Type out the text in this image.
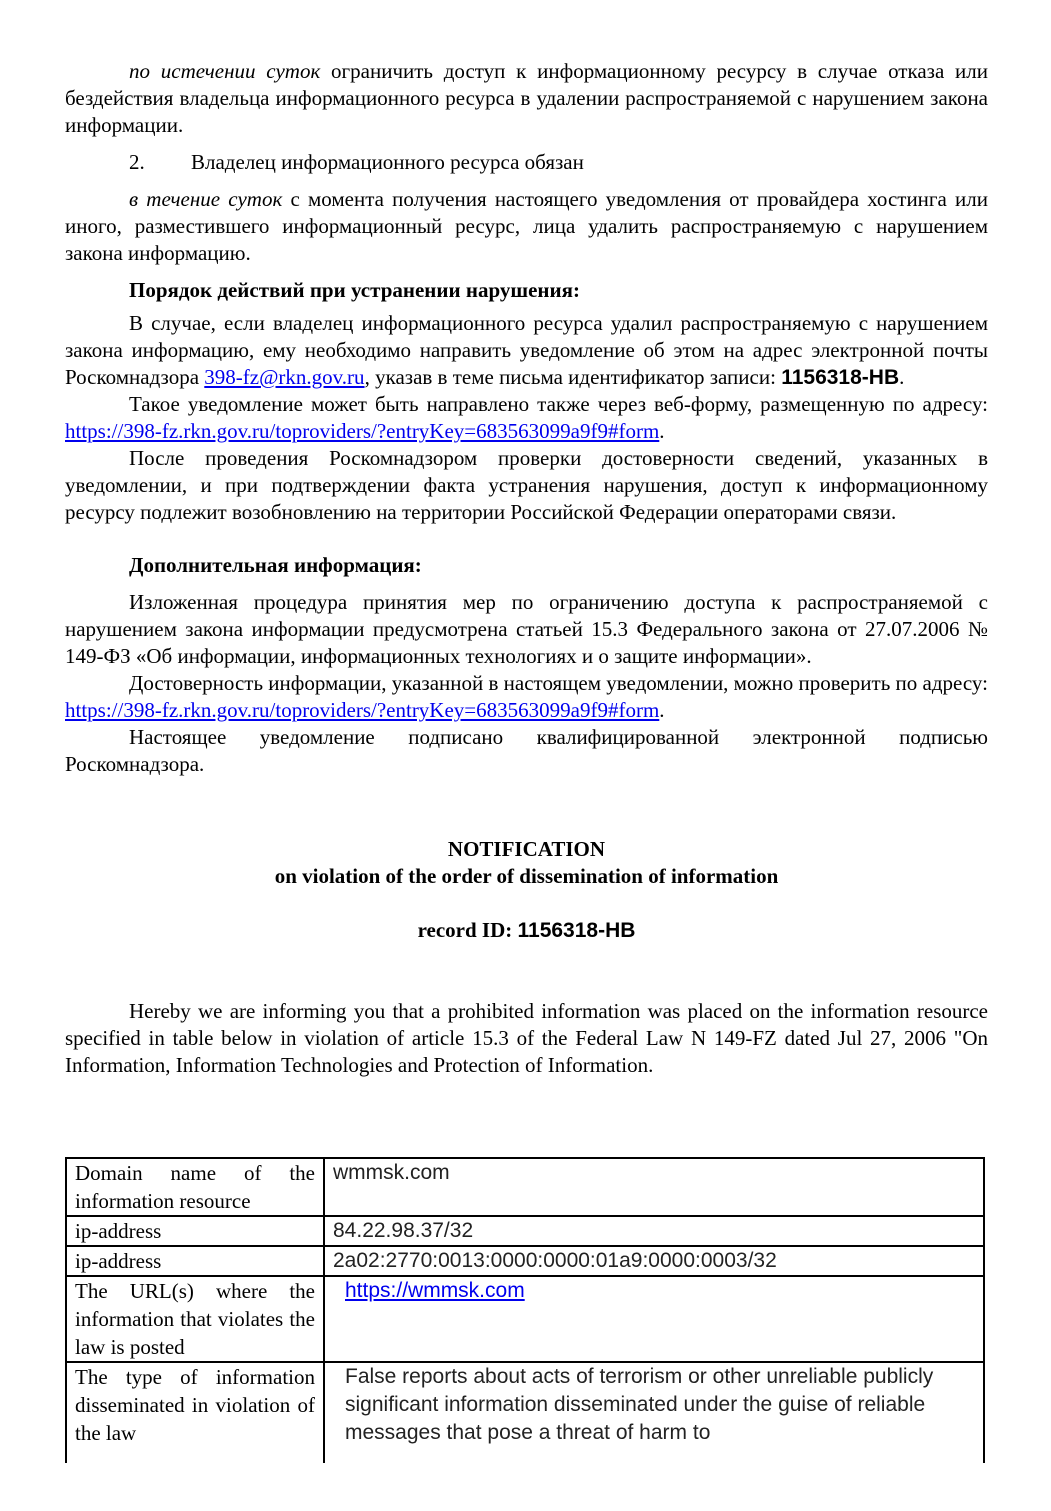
по истечении суток ограничить доступ к информационному ресурсу в случае отказа или бездействия владельца информационного ресурса в удалении распространяемой с нарушением закона информации.

2.	Владелец информационного ресурса обязан

в течение суток с момента получения настоящего уведомления от провайдера хостинга или иного, разместившего информационный ресурс, лица удалить распространяемую с нарушением закона информацию.

Порядок действий при устранении нарушения:

В случае, если владелец информационного ресурса удалил распространяемую с нарушением закона информацию, ему необходимо направить уведомление об этом на адрес электронной почты Роскомнадзора 398-fz@rkn.gov.ru, указав в теме письма идентификатор записи: 1156318-НВ.

Такое уведомление может быть направлено также через веб-форму, размещенную по адресу: https://398-fz.rkn.gov.ru/toproviders/?entryKey=683563099a9f9#form.

После проведения Роскомнадзором проверки достоверности сведений, указанных в уведомлении, и при подтверждении факта устранения нарушения, доступ к информационному ресурсу подлежит возобновлению на территории Российской Федерации операторами связи.

Дополнительная информация:

Изложенная процедура принятия мер по ограничению доступа к распространяемой с нарушением закона информации предусмотрена статьей 15.3 Федерального закона от 27.07.2006 № 149-ФЗ «Об информации, информационных технологиях и о защите информации».

Достоверность информации, указанной в настоящем уведомлении, можно проверить по адресу: https://398-fz.rkn.gov.ru/toproviders/?entryKey=683563099a9f9#form.

Настоящее уведомление подписано квалифицированной электронной подписью Роскомнадзора.

NOTIFICATION
on violation of the order of dissemination of information
record ID: 1156318-НВ

Hereby we are informing you that a prohibited information was placed on the information resource specified in table below in violation of article 15.3 of the Federal Law N 149-FZ dated Jul 27, 2006 "On Information, Information Technologies and Protection of Information.

Domain name of the information resource	wmmsk.com
ip-address	84.22.98.37/32
ip-address	2a02:2770:0013:0000:0000:01a9:0000:0003/32
The URL(s) where the information that violates the law is posted	https://wmmsk.com
The type of information disseminated in violation of the law	False reports about acts of terrorism or other unreliable publicly significant information disseminated under the guise of reliable messages that pose a threat of harm to
